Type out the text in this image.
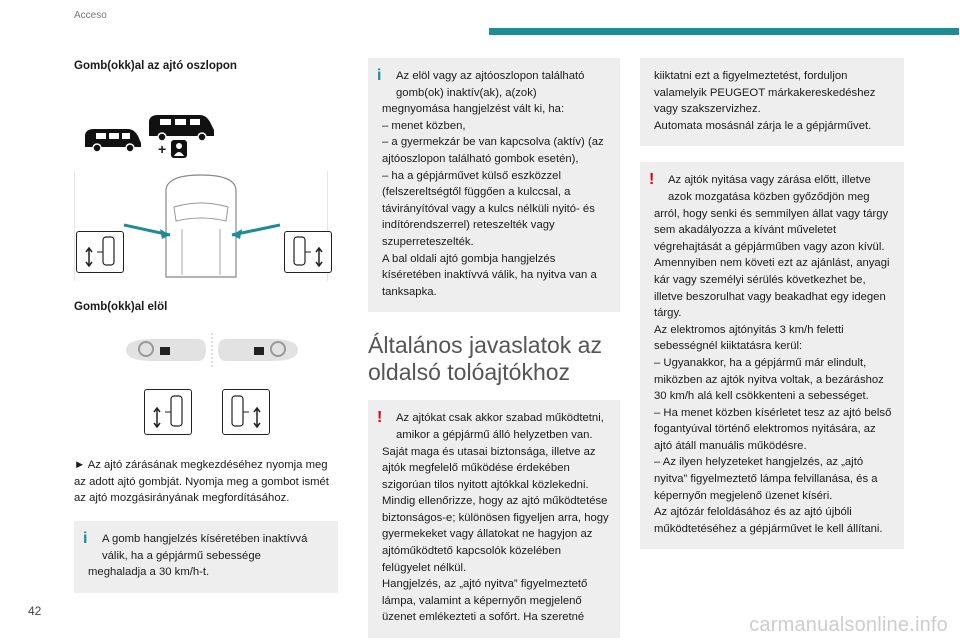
Acceso

Gomb(okk)al az ajtó oszlopon

+

Gomb(okk)al elöl

► Az ajtó zárásának megkezdéséhez nyomja meg az adott ajtó gombját. Nyomja meg a gombot ismét az ajtó mozgásirányának megfordításához.

i	A gomb hangjelzés kíséretében inaktívvá válik, ha a gépjármű sebessége

meghaladja a 30 km/h-t.

i	Az elöl vagy az ajtóoszlopon található gomb(ok) inaktív(ak), a(zok)

megnyomása hangjelzést vált ki, ha:

– menet közben,

– a gyermekzár be van kapcsolva (aktív) (az ajtóoszlopon található gombok esetén),

– ha a gépjárművet külső eszközzel (felszereltségtől függően a kulccsal, a távirányítóval vagy a kulcs nélküli nyitó- és indítórendszerrel) reteszelték vagy szuperreteszelték.

A bal oldali ajtó gombja hangjelzés kíséretében inaktívvá válik, ha nyitva van a tanksapka.

Általános javaslatok az oldalsó tolóajtókhoz
!	Az ajtókat csak akkor szabad működtetni, amikor a gépjármű álló helyzetben van.

Saját maga és utasai biztonsága, illetve az ajtók megfelelő működése érdekében szigorúan tilos nyitott ajtókkal közlekedni.

Mindig ellenőrizze, hogy az ajtó működtetése biztonságos-e; különösen figyeljen arra, hogy gyermekeket vagy állatokat ne hagyjon az ajtóműködtető kapcsolók közelében felügyelet nélkül.

Hangjelzés, az „ajtó nyitva” figyelmeztető lámpa, valamint a képernyőn megjelenő üzenet emlékezteti a sofőrt. Ha szeretné

kiiktatni ezt a figyelmeztetést, forduljon valamelyik PEUGEOT márkakereskedéshez vagy szakszervizhez.

Automata mosásnál zárja le a gépjárművet.

!	Az ajtók nyitása vagy zárása előtt, illetve azok mozgatása közben győződjön meg

arról, hogy senki és semmilyen állat vagy tárgy sem akadályozza a kívánt műveletet végrehajtását a gépjárműben vagy azon kívül.

Amennyiben nem követi ezt az ajánlást, anyagi kár vagy személyi sérülés következhet be, illetve beszorulhat vagy beakadhat egy idegen tárgy.

Az elektromos ajtónyitás 3 km/h feletti sebességnél kiiktatásra kerül:

– Ugyanakkor, ha a gépjármű már elindult, miközben az ajtók nyitva voltak, a bezáráshoz 30 km/h alá kell csökkenteni a sebességet.

– Ha menet közben kísérletet tesz az ajtó belső fogantyúval történő elektromos nyitására, az ajtó átáll manuális működésre.

– Az ilyen helyzeteket hangjelzés, az „ajtó nyitva” figyelmeztető lámpa felvillanása, és a képernyőn megjelenő üzenet kíséri.

Az ajtózár feloldásához és az ajtó újbóli működtetéséhez a gépjárművet le kell állítani.

42
carmanualsonline.info
